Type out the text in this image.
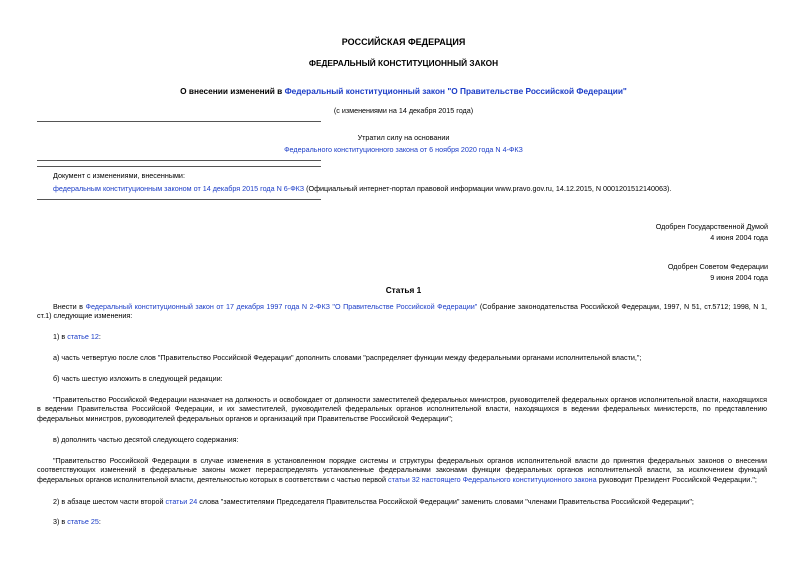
РОССИЙСКАЯ ФЕДЕРАЦИЯ
ФЕДЕРАЛЬНЫЙ КОНСТИТУЦИОННЫЙ ЗАКОН
О внесении изменений в Федеральный конституционный закон "О Правительстве Российской Федерации"
(с изменениями на 14 декабря 2015 года)
Утратил силу на основании
Федерального конституционного закона от 6 ноября 2020 года N 4-ФКЗ
Документ с изменениями, внесенными:
федеральным конституционным законом от 14 декабря 2015 года N 6-ФКЗ (Официальный интернет-портал правовой информации www.pravo.gov.ru, 14.12.2015, N 0001201512140063).
Одобрен Государственной Думой
4 июня 2004 года
Одобрен Советом Федерации
9 июня 2004 года
Статья 1
Внести в Федеральный конституционный закон от 17 декабря 1997 года N 2-ФКЗ "О Правительстве Российской Федерации" (Собрание законодательства Российской Федерации, 1997, N 51, ст.5712; 1998, N 1, ст.1) следующие изменения:
1) в статье 12:
а) часть четвертую после слов "Правительство Российской Федерации" дополнить словами "распределяет функции между федеральными органами исполнительной власти,";
б) часть шестую изложить в следующей редакции:
"Правительство Российской Федерации назначает на должность и освобождает от должности заместителей федеральных министров, руководителей федеральных органов исполнительной власти, находящихся в ведении Правительства Российской Федерации, и их заместителей, руководителей федеральных органов исполнительной власти, находящихся в ведении федеральных министерств, по представлению федеральных министров, руководителей федеральных органов и организаций при Правительстве Российской Федерации";
в) дополнить частью десятой следующего содержания:
"Правительство Российской Федерации в случае изменения в установленном порядке системы и структуры федеральных органов исполнительной власти до принятия федеральных законов о внесении соответствующих изменений в федеральные законы может перераспределять установленные федеральными законами функции федеральных органов исполнительной власти, за исключением функций федеральных органов исполнительной власти, деятельностью которых в соответствии с частью первой статьи 32 настоящего Федерального конституционного закона руководит Президент Российской Федерации.";
2) в абзаце шестом части второй статьи 24 слова "заместителями Председателя Правительства Российской Федерации" заменить словами "членами Правительства Российской Федерации";
3) в статье 25:
